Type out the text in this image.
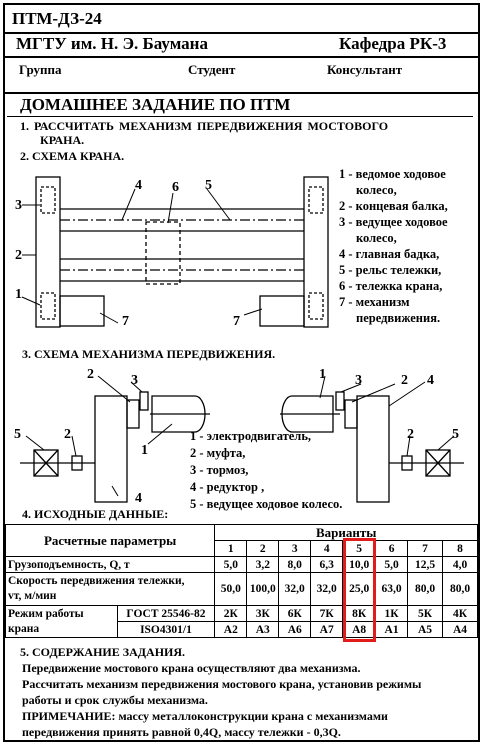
ПТМ-ДЗ-24
МГТУ им. Н. Э. Баумана	Кафедра РК-3
Группа	Студент	Консультант
ДОМАШНЕЕ ЗАДАНИЕ ПО ПТМ
1. РАССЧИТАТЬ МЕХАНИЗМ ПЕРЕДВИЖЕНИЯ МОСТОВОГО
КРАНА.
2. СХЕМА КРАНА.
3
2
1
4 6 5
7	7
1 - ведомое ходовое
колесо,
2 - концевая балка,
3 - ведущее ходовое
колесо,
4 - главная бадка,
5 - рельс тележки,
6 - тележка крана,
7 - механизм
передвижения.
3. СХЕМА МЕХАНИЗМА ПЕРЕДВИЖЕНИЯ.
2	3
1
5	2
4
1 3	2 4
2	5
1 - электродвигатель,
2 - муфта,
3 - тормоз,
4 - редуктор ,
5 - ведущее ходовое колесо.
4. ИСХОДНЫЕ ДАННЫЕ:
Расчетные параметры		Варианты							
		1	2	3	4	5	6	7	8
Грузоподъемность, Q, т		5,0	3,2	8,0	6,3	10,0	5,0	12,5	4,0
Скорость передвижения тележки,
vт, м/мин		50,0	100,0	32,0	32,0	25,0	63,0	80,0	80,0
Режим работы	ГОСТ 25546-82	2К	3К	6К	7К	8К	1К	5К	4К
крана	ISO4301/1	A2	A3	A6	A7	A8	A1	A5	A4

5. СОДЕРЖАНИЕ ЗАДАНИЯ.

Передвижение мостового крана осуществляют два механизма.

Рассчитать механизм передвижения мостового крана, установив режимы

работы и срок службы механизма.

ПРИМЕЧАНИЕ: массу металлоконструкции крана с механизмами

передвижения принять равной 0,4Q, массу тележки - 0,3Q.
